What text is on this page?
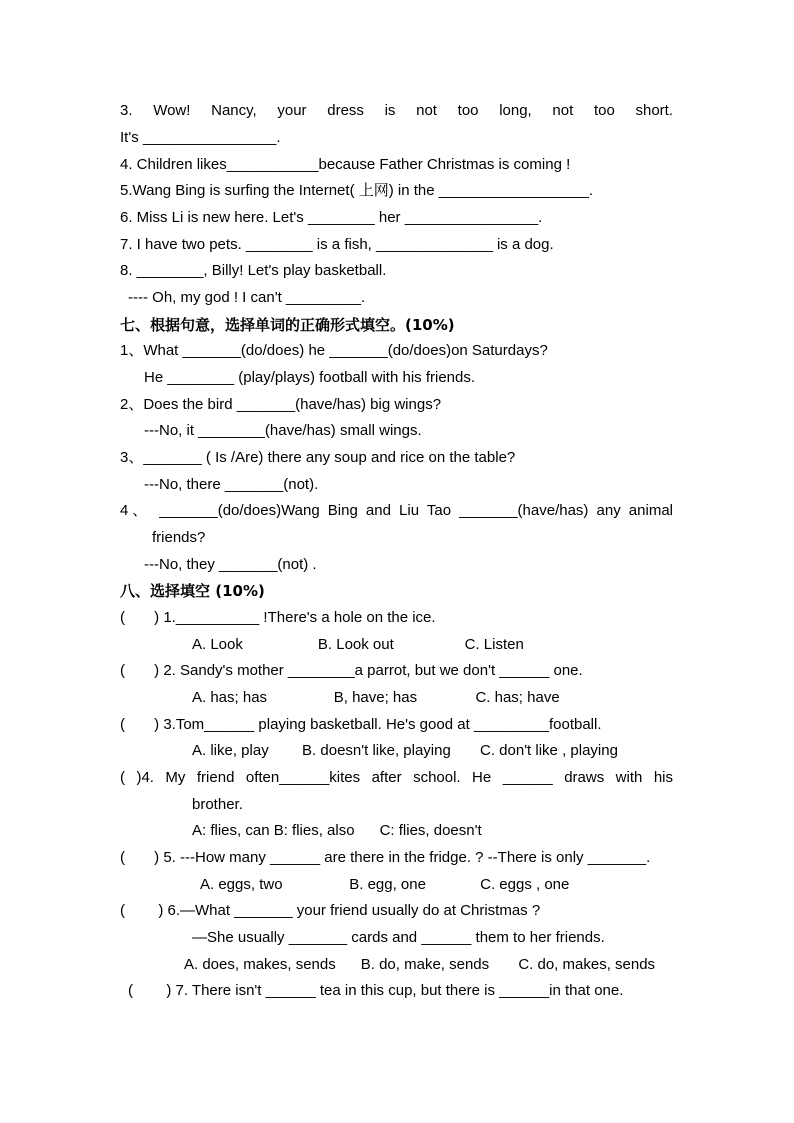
3. Wow! Nancy, your dress is not too long, not too short.
It's ________________.
4. Children likes___________because Father Christmas is coming !
5.Wang Bing is surfing the Internet( 上网) in the __________________.
6. Miss Li is new here. Let's ________ her ________________.
7. I have two pets. ________ is a fish, ______________ is a dog.
8. ________, Billy! Let's play basketball.
---- Oh, my god ! I can't _________.
七、根据句意，选择单词的正确形式填空。(10%)
1、What _______(do/does) he _______(do/does)on Saturdays?
He ________ (play/plays) football with his friends.
2、Does the bird _______(have/has) big wings?
---No, it ________(have/has) small wings.
3、_______ ( Is /Are) there any soup and rice on the table?
---No, there _______(not).
4、 _______(do/does)Wang Bing and Liu Tao _______(have/has) any animal
friends?
---No, they _______(not) .
八、选择填空 (10%)
(       ) 1.__________ !There's a hole on the ice.
A. Look                  B. Look out                 C. Listen
(       ) 2. Sandy's mother ________a parrot, but we don't ______ one.
A. has; has                B, have; has              C. has; have
(       ) 3.Tom______ playing basketball. He's good at _________football.
A. like, play        B. doesn't like, playing       C. don't like , playing
( )4. My friend often______kites after school. He ______ draws with his
brother.
A: flies, can B: flies, also      C: flies, doesn't
(       ) 5. ---How many ______ are there in the fridge. ? --There is only _______.
A. eggs, two                B. egg, one             C. eggs , one
(        ) 6.—What _______ your friend usually do at Christmas ?
—She usually _______ cards and ______ them to her friends.
A. does, makes, sends      B. do, make, sends       C. do, makes, sends
(        ) 7. There isn't ______ tea in this cup, but there is ______in that one.
